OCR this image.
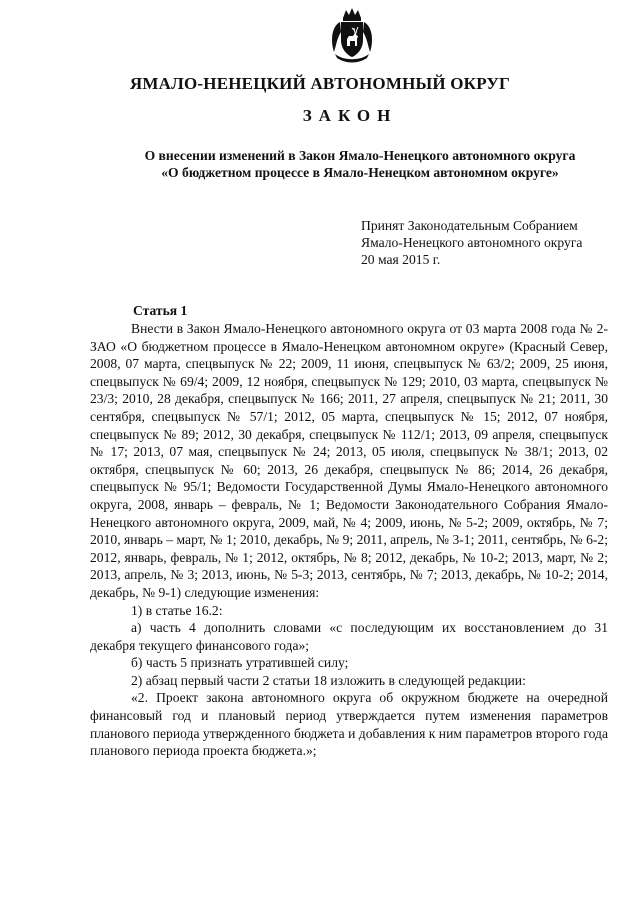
ЯМАЛО-НЕНЕЦКИЙ АВТОНОМНЫЙ ОКРУГ
ЗАКОН
О внесении изменений в Закон Ямало-Ненецкого автономного округа
«О бюджетном процессе в Ямало-Ненецком автономном округе»
Принят Законодательным Собранием
Ямало-Ненецкого автономного округа
20 мая 2015 г.
Статья 1

Внести в Закон Ямало-Ненецкого автономного округа от 03 марта 2008 года № 2-ЗАО «О бюджетном процессе в Ямало-Ненецком автономном округе» (Красный Север, 2008, 07 марта, спецвыпуск № 22; 2009, 11 июня, спецвыпуск № 63/2; 2009, 25 июня, спецвыпуск № 69/4; 2009, 12 ноября, спецвыпуск № 129; 2010, 03 марта, спецвыпуск № 23/3; 2010, 28 декабря, спецвыпуск № 166; 2011, 27 апреля, спецвыпуск № 21; 2011, 30 сентября, спецвыпуск № 57/1; 2012, 05 марта, спецвыпуск № 15; 2012, 07 ноября, спецвыпуск № 89; 2012, 30 декабря, спецвыпуск № 112/1; 2013, 09 апреля, спецвыпуск № 17; 2013, 07 мая, спецвыпуск № 24; 2013, 05 июля, спецвыпуск № 38/1; 2013, 02 октября, спецвыпуск № 60; 2013, 26 декабря, спецвыпуск № 86; 2014, 26 декабря, спецвыпуск № 95/1; Ведомости Государственной Думы Ямало-Ненецкого автономного округа, 2008, январь – февраль, № 1; Ведомости Законодательного Собрания Ямало-Ненецкого автономного округа, 2009, май, № 4; 2009, июнь, № 5-2; 2009, октябрь, № 7; 2010, январь – март, № 1; 2010, декабрь, № 9; 2011, апрель, № 3-1; 2011, сентябрь, № 6-2; 2012, январь, февраль, № 1; 2012, октябрь, № 8; 2012, декабрь, № 10-2; 2013, март, № 2; 2013, апрель, № 3; 2013, июнь, № 5-3; 2013, сентябрь, № 7; 2013, декабрь, № 10-2; 2014, декабрь, № 9-1) следующие изменения:

1) в статье 16.2:

а) часть 4 дополнить словами «с последующим их восстановлением до 31 декабря текущего финансового года»;

б) часть 5 признать утратившей силу;

2) абзац первый части 2 статьи 18 изложить в следующей редакции:

«2. Проект закона автономного округа об окружном бюджете на очередной финансовый год и плановый период утверждается путем изменения параметров планового периода утвержденного бюджета и добавления к ним параметров второго года планового периода проекта бюджета.»;
